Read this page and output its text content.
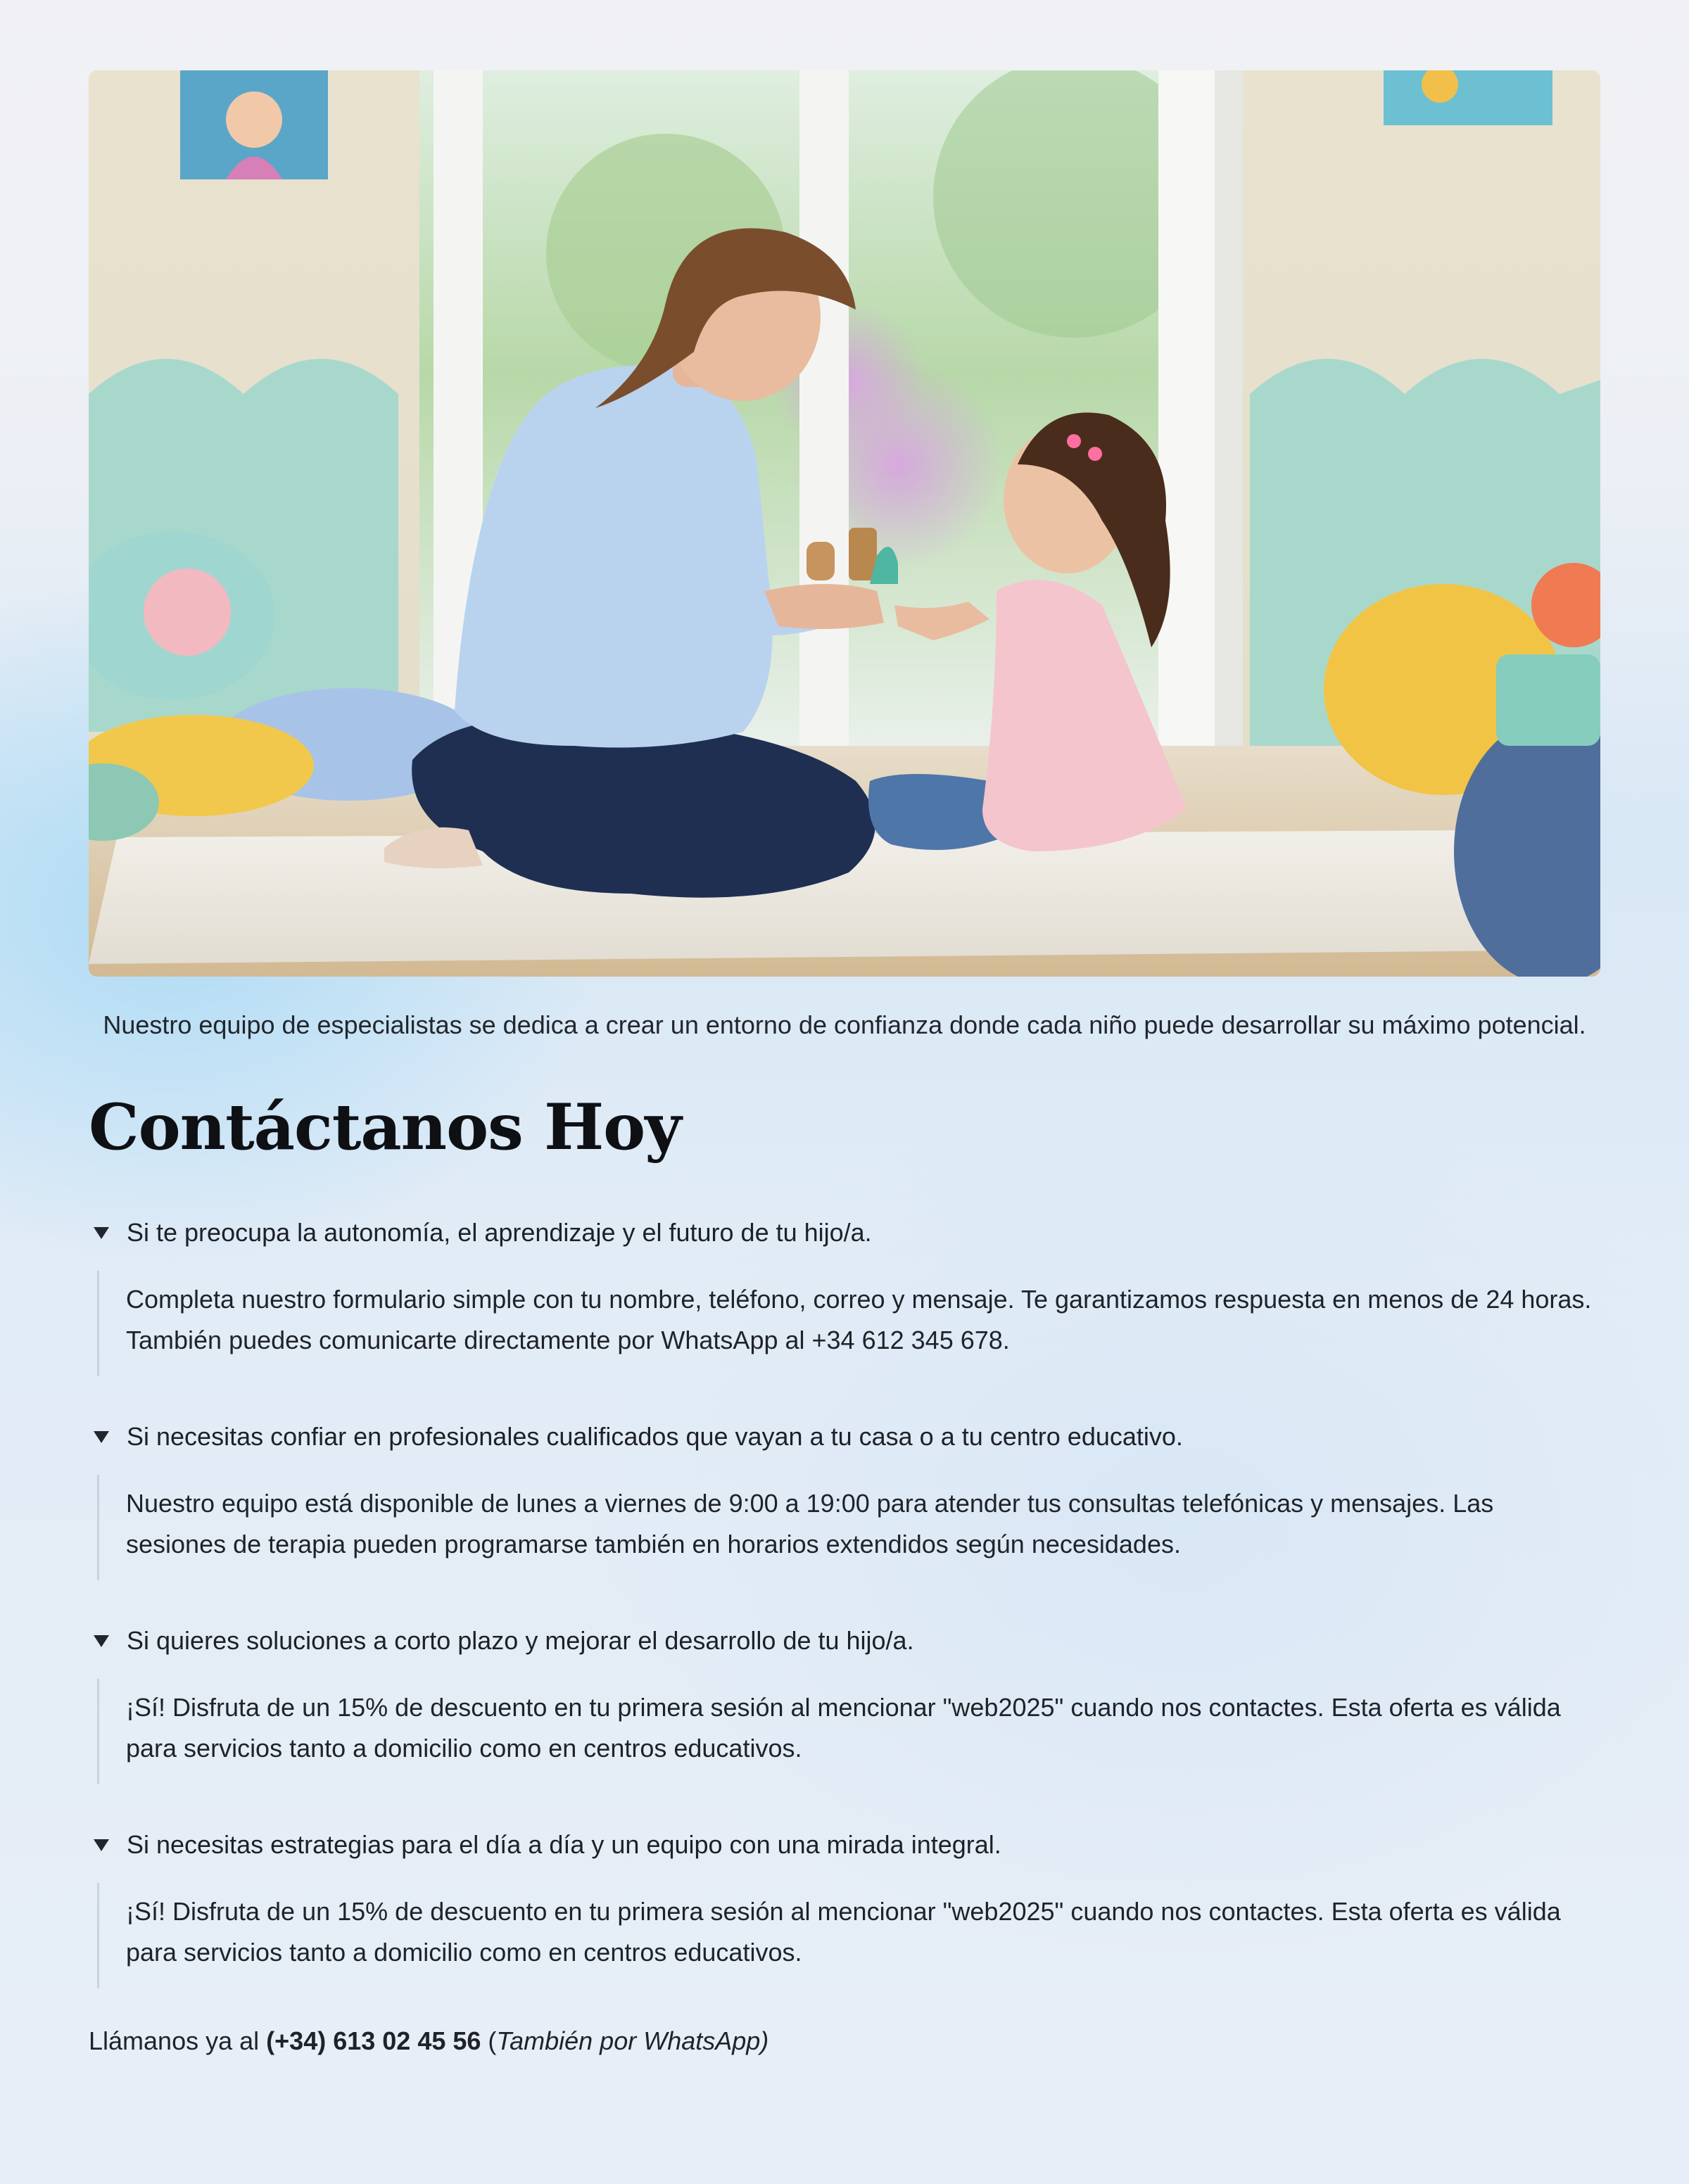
Nuestro equipo de especialistas se dedica a crear un entorno de confianza donde cada niño puede desarrollar su máximo potencial.

Contáctanos Hoy
Si te preocupa la autonomía, el aprendizaje y el futuro de tu hijo/a.
Completa nuestro formulario simple con tu nombre, teléfono, correo y mensaje. Te garantizamos respuesta en menos de 24 horas. También puedes comunicarte directamente por WhatsApp al +34 612 345 678.
Si necesitas confiar en profesionales cualificados que vayan a tu casa o a tu centro educativo.
Nuestro equipo está disponible de lunes a viernes de 9:00 a 19:00 para atender tus consultas telefónicas y mensajes. Las sesiones de terapia pueden programarse también en horarios extendidos según necesidades.
Si quieres soluciones a corto plazo y mejorar el desarrollo de tu hijo/a.
¡Sí! Disfruta de un 15% de descuento en tu primera sesión al mencionar "web2025" cuando nos contactes. Esta oferta es válida para servicios tanto a domicilio como en centros educativos.
Si necesitas estrategias para el día a día y un equipo con una mirada integral.
¡Sí! Disfruta de un 15% de descuento en tu primera sesión al mencionar "web2025" cuando nos contactes. Esta oferta es válida para servicios tanto a domicilio como en centros educativos.

Llámanos ya al (+34) 613 02 45 56 (También por WhatsApp)
